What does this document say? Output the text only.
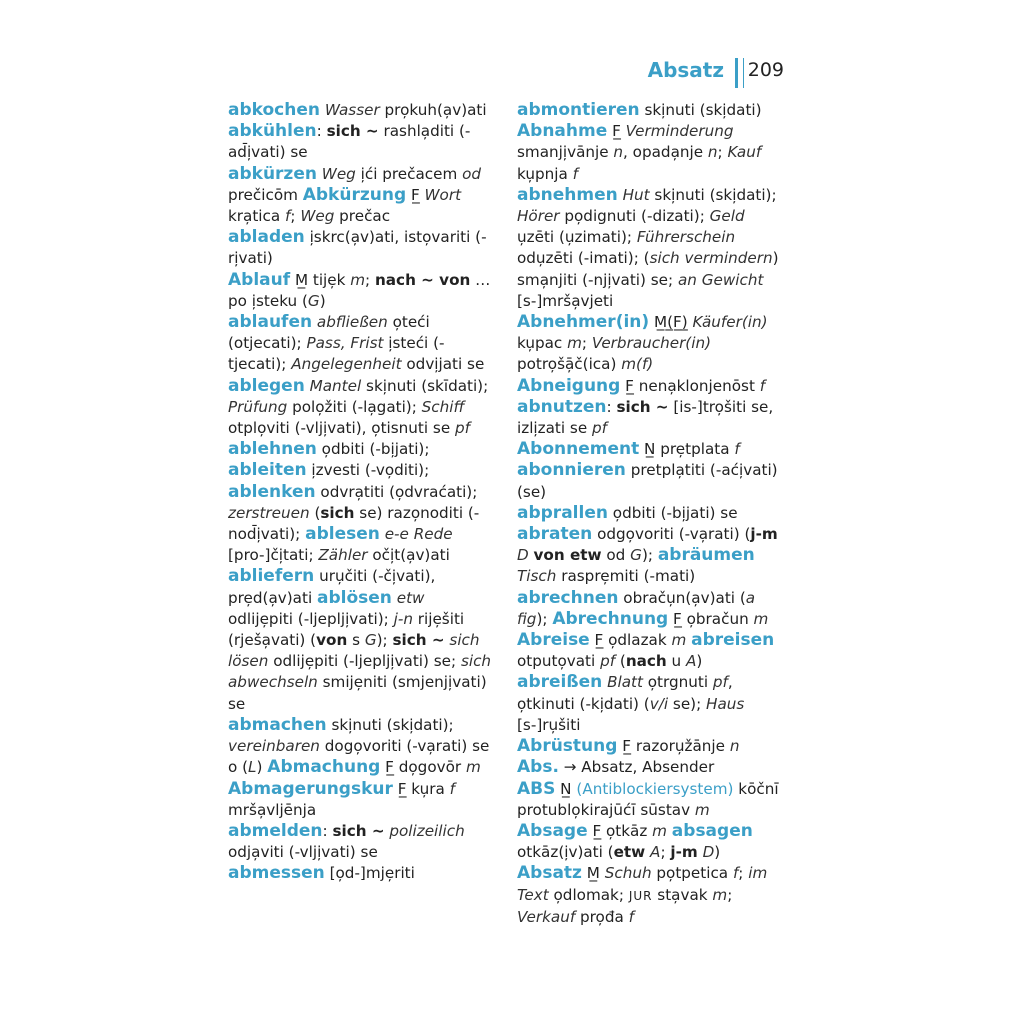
Absatz 209

abkochen Wasser pro̦kuh(a̦v)ati

abkühlen: sich ~ rashla̦diti (-ad̄i̦vati) se

abkürzen Weg i̦ći prečacem od prečicōm Abkürzung F̲ Wort kra̦tica f; Weg prečac

abladen i̦skrc(a̦v)ati, isto̦variti (-ri̦vati)

Ablauf M̲ tije̦k m; nach ~ von … po i̦steku (G)

ablaufen abfließen o̦teći (otjecati); Pass, Frist i̦steći (-tjecati); Angelegenheit odvi̦jati se

ablegen Mantel ski̦nuti (skīdati); Prüfung polo̦žiti (-la̦gati); Schiff otplo̦viti (-vlji̦vati), o̦tisnuti se pf

ablehnen o̦dbiti (-bi̦jati); ableiten i̦zvesti (-vo̦diti); ablenken odvra̦titi (o̦dvraćati); zerstreuen (sich se) razo̦noditi (-nod̄i̦vati); ablesen e-e Rede [pro-]či̦tati; Zähler oči̦t(a̦v)ati abliefern uru̦čiti (-či̦vati), pre̦d(a̦v)ati ablösen etw odlije̦piti (-ljeplji̦vati); j-n rije̦šiti (rješa̦vati) (von s G); sich ~ sich lösen odlije̦piti (-ljeplji̦vati) se; sich abwechseln smije̦niti (smjenji̦vati) se

abmachen ski̦nuti (ski̦dati); vereinbaren dogo̦voriti (-va̦rati) se o (L) Abmachung F̲ do̦govōr m

Abmagerungskur F̲ ku̦ra f mrša̦vljēnja

abmelden: sich ~ polizeilich odja̦viti (-vlji̦vati) se

abmessen [o̦d-]mje̦riti

abmontieren ski̦nuti (ski̦dati)

Abnahme F̲ Verminderung smanji̦vānje n, opada̦nje n; Kauf ku̦pnja f

abnehmen Hut ski̦nuti (ski̦dati); Hörer po̦dignuti (-dizati); Geld u̦zēti (u̦zimati); Führerschein odu̦zēti (-imati); (sich vermindern) sma̦njiti (-nji̦vati) se; an Gewicht [s-]mrša̦vjeti

Abnehmer(in) M̲(̲F̲)̲ Käufer(in) ku̦pac m; Verbraucher(in) potro̦šā̦č(ica) m(f)

Abneigung F̲ nena̦klonjenōst f

abnutzen: sich ~ [is-]tro̦šiti se, izli̦zati se pf

Abonnement N̲ pre̦tplata f

abonnieren pretpla̦titi (-aći̦vati) (se)

abprallen o̦dbiti (-bi̦jati) se

abraten odgo̦voriti (-va̦rati) (j-m D von etw od G); abräumen Tisch raspre̦miti (-mati)

abrechnen obraču̦n(a̦v)ati (a fig); Abrechnung F̲ o̦bračun m

Abreise F̲ o̦dlazak m abreisen otputo̦vati pf (nach u A)

abreißen Blatt o̦trgnuti pf, o̦tkinuti (-ki̦dati) (v/i se); Haus [s-]ru̦šiti

Abrüstung F̲ razoru̦žānje n

Abs. → Absatz, Absender

ABS N̲ (Antiblockiersystem) kōčnī protublo̦kirajūćī sūstav m

Absage F̲ o̦tkāz m absagen otkāz(i̦v)ati (etw A; j-m D)

Absatz M̲ Schuh po̦tpetica f; im Text o̦dlomak; JUR sta̦vak m; Verkauf pro̦đa f
